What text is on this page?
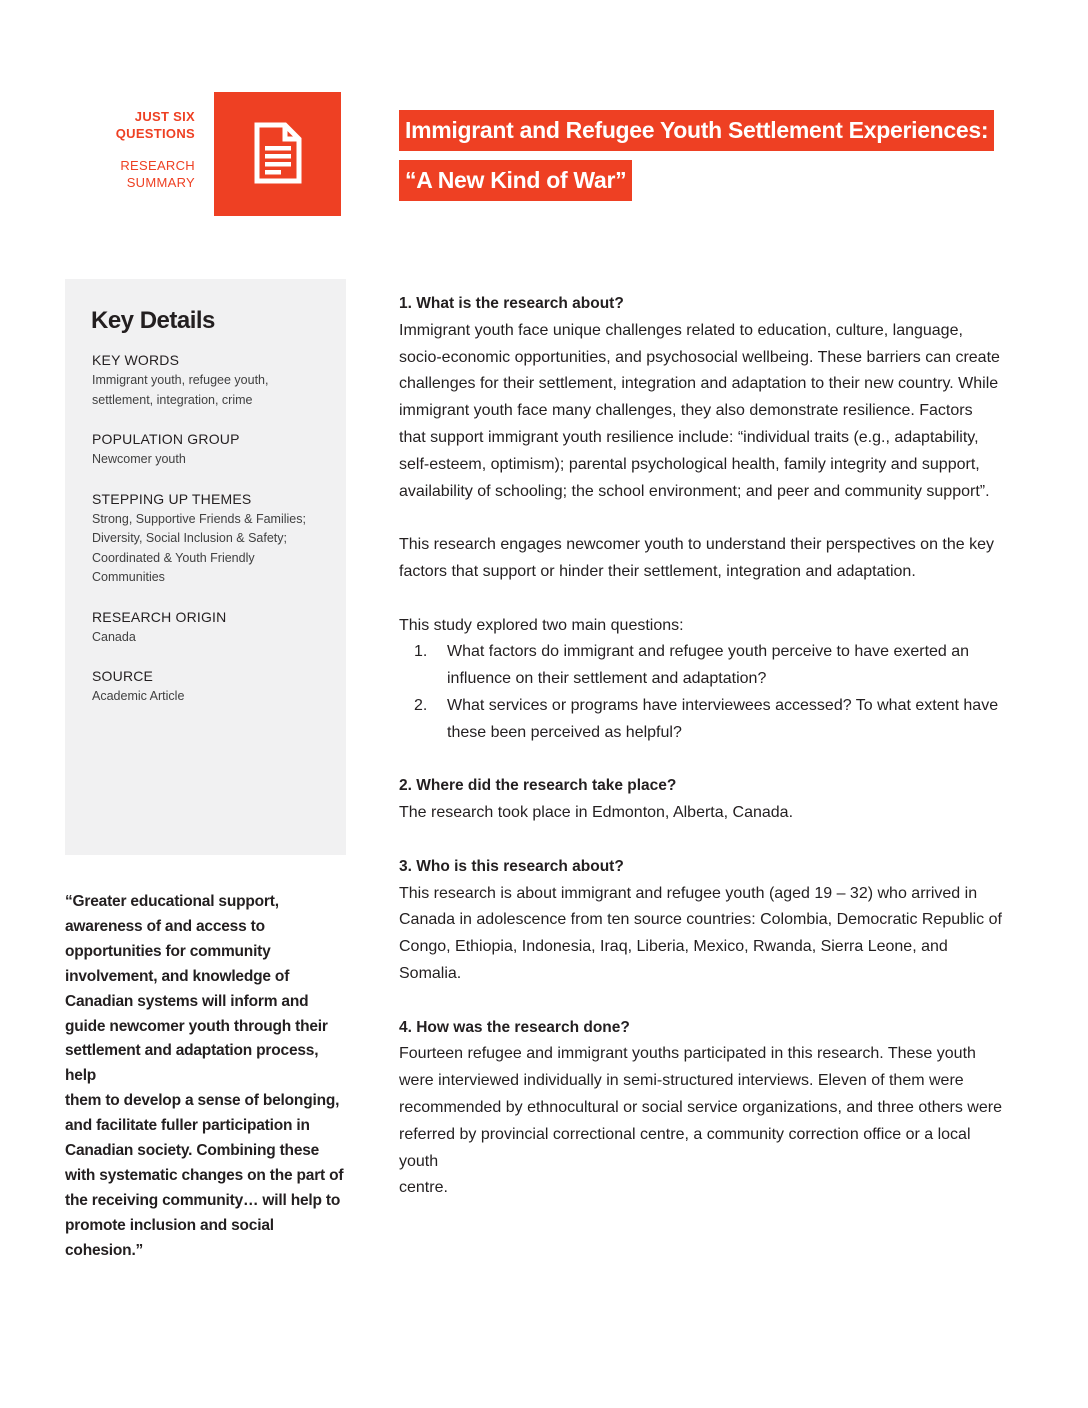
JUST SIX
QUESTIONS
RESEARCH
SUMMARY
Immigrant and Refugee Youth Settlement Experiences:
“A New Kind of War”
Key Details

KEY WORDS

Immigrant youth, refugee youth,

settlement, integration, crime

POPULATION GROUP

Newcomer youth

STEPPING UP THEMES

Strong, Supportive Friends & Families;

Diversity, Social Inclusion & Safety;

Coordinated & Youth Friendly

Communities

RESEARCH ORIGIN

Canada

SOURCE

Academic Article

“Greater educational support,
awareness of and access to
opportunities for community
involvement, and knowledge of
Canadian systems will inform and
guide newcomer youth through their
settlement and adaptation process, help
them to develop a sense of belonging,
and facilitate fuller participation in
Canadian society. Combining these
with systematic changes on the part of
the receiving community… will help to
promote inclusion and social cohesion.”

1. What is the research about?

Immigrant youth face unique challenges related to education, culture, language,

socio-economic opportunities, and psychosocial wellbeing. These barriers can create

challenges for their settlement, integration and adaptation to their new country. While

immigrant youth face many challenges, they also demonstrate resilience. Factors

that support immigrant youth resilience include: “individual traits (e.g., adaptability,

self-esteem, optimism); parental psychological health, family integrity and support,

availability of schooling; the school environment; and peer and community support”.

This research engages newcomer youth to understand their perspectives on the key

factors that support or hinder their settlement, integration and adaptation.

This study explored two main questions:

1. What factors do immigrant and refugee youth perceive to have exerted an

influence on their settlement and adaptation?

2. What services or programs have interviewees accessed? To what extent have

these been perceived as helpful?

2. Where did the research take place?

The research took place in Edmonton, Alberta, Canada.

3. Who is this research about?

This research is about immigrant and refugee youth (aged 19 – 32) who arrived in

Canada in adolescence from ten source countries: Colombia, Democratic Republic of

Congo, Ethiopia, Indonesia, Iraq, Liberia, Mexico, Rwanda, Sierra Leone, and Somalia.

4. How was the research done?

Fourteen refugee and immigrant youths participated in this research. These youth

were interviewed individually in semi-structured interviews. Eleven of them were

recommended by ethnocultural or social service organizations, and three others were

referred by provincial correctional centre, a community correction office or a local youth

centre.
